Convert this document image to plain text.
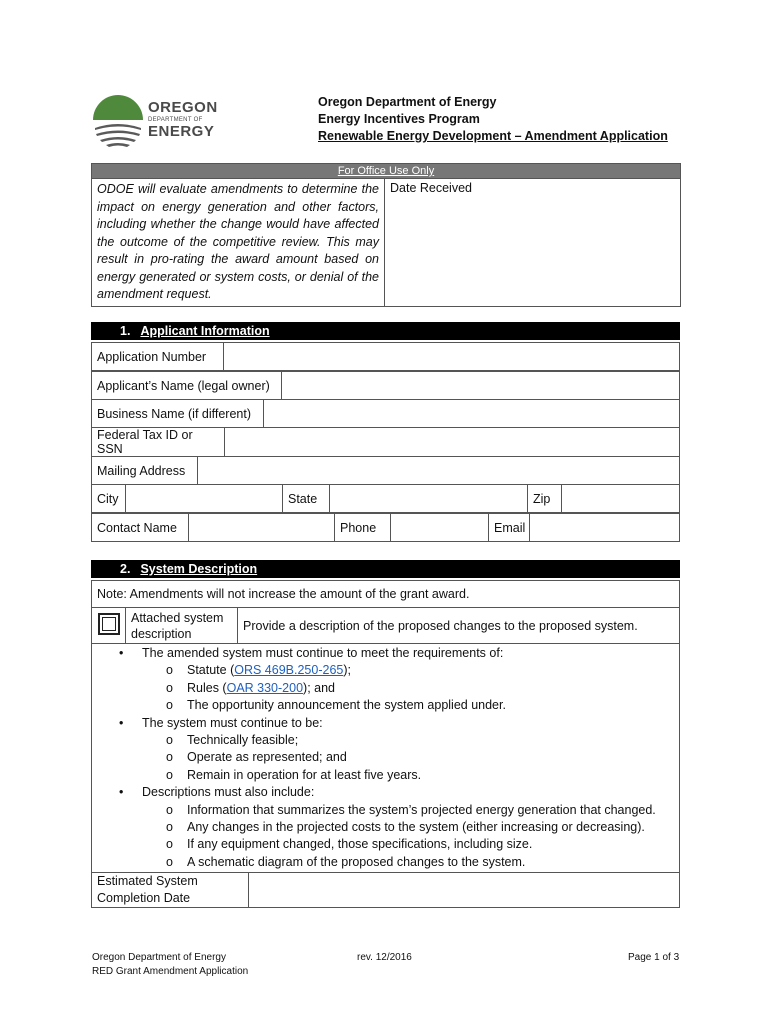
OREGON
DEPARTMENT OF
ENERGY
Oregon Department of Energy
Energy Incentives Program
Renewable Energy Development – Amendment Application
For Office Use Only
ODOE will evaluate amendments to determine the impact on energy generation and other factors, including whether the change would have affected the outcome of the competitive review. This may result in pro-rating the award amount based on energy generated or system costs, or denial of the amendment request.	Date Received
1. Applicant Information
Application Number	
Applicant’s Name (legal owner)	
Business Name (if different)	
Federal Tax ID or SSN	
Mailing Address	
City		State		Zip	
Contact Name		Phone		Email	
2. System Description
Note: Amendments will not increase the amount of the grant award.
	Attached system description	Provide a description of the proposed changes to the proposed system.
• The amended system must continue to meet the requirements of:
o Statute (ORS 469B.250-265);
o Rules (OAR 330-200); and
o The opportunity announcement the system applied under.
• The system must continue to be:
o Technically feasible;
o Operate as represented; and
o Remain in operation for at least five years.
• Descriptions must also include:
o Information that summarizes the system’s projected energy generation that changed.
o Any changes in the projected costs to the system (either increasing or decreasing).
o If any equipment changed, those specifications, including size.
o A schematic diagram of the proposed changes to the system.
Estimated System Completion Date	
Oregon Department of Energy
RED Grant Amendment Application
rev. 12/2016	Page 1 of 3
